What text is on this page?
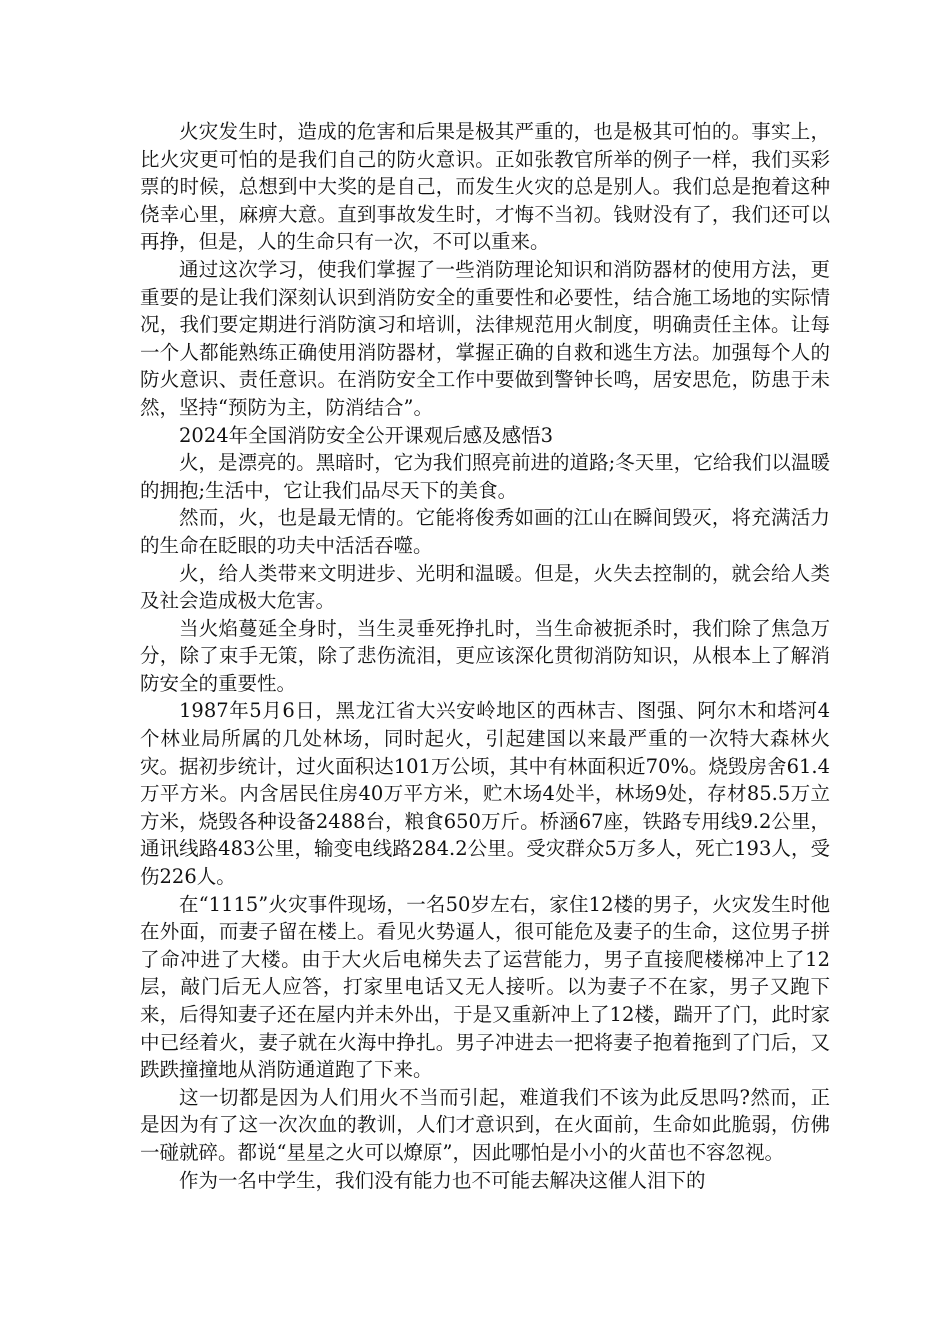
火灾发生时，造成的危害和后果是极其严重的，也是极其可怕的。事实上，比火灾更可怕的是我们自己的防火意识。正如张教官所举的例子一样，我们买彩票的时候，总想到中大奖的是自己，而发生火灾的总是别人。我们总是抱着这种侥幸心里，麻痹大意。直到事故发生时，才悔不当初。钱财没有了，我们还可以再挣，但是，人的生命只有一次，不可以重来。

通过这次学习，使我们掌握了一些消防理论知识和消防器材的使用方法，更重要的是让我们深刻认识到消防安全的重要性和必要性，结合施工场地的实际情况，我们要定期进行消防演习和培训，法律规范用火制度，明确责任主体。让每一个人都能熟练正确使用消防器材，掌握正确的自救和逃生方法。加强每个人的防火意识、责任意识。在消防安全工作中要做到警钟长鸣，居安思危，防患于未然，坚持“预防为主，防消结合”。

2024年全国消防安全公开课观后感及感悟3

火，是漂亮的。黑暗时，它为我们照亮前进的道路;冬天里，它给我们以温暖的拥抱;生活中，它让我们品尽天下的美食。

然而，火，也是最无情的。它能将俊秀如画的江山在瞬间毁灭，将充满活力的生命在眨眼的功夫中活活吞噬。

火，给人类带来文明进步、光明和温暖。但是，火失去控制的，就会给人类及社会造成极大危害。

当火焰蔓延全身时，当生灵垂死挣扎时，当生命被扼杀时，我们除了焦急万分，除了束手无策，除了悲伤流泪，更应该深化贯彻消防知识，从根本上了解消防安全的重要性。

1987年5月6日，黑龙江省大兴安岭地区的西林吉、图强、阿尔木和塔河4个林业局所属的几处林场，同时起火，引起建国以来最严重的一次特大森林火灾。据初步统计，过火面积达101万公顷，其中有林面积近70%。烧毁房舍61.4万平方米。内含居民住房40万平方米，贮木场4处半，林场9处，存材85.5万立方米，烧毁各种设备2488台，粮食650万斤。桥涵67座，铁路专用线9.2公里，通讯线路483公里，输变电线路284.2公里。受灾群众5万多人，死亡193人，受伤226人。

在“1115”火灾事件现场，一名50岁左右，家住12楼的男子，火灾发生时他在外面，而妻子留在楼上。看见火势逼人，很可能危及妻子的生命，这位男子拼了命冲进了大楼。由于大火后电梯失去了运营能力，男子直接爬楼梯冲上了12层，敲门后无人应答，打家里电话又无人接听。以为妻子不在家，男子又跑下来，后得知妻子还在屋内并未外出，于是又重新冲上了12楼，踹开了门，此时家中已经着火，妻子就在火海中挣扎。男子冲进去一把将妻子抱着拖到了门后，又跌跌撞撞地从消防通道跑了下来。

这一切都是因为人们用火不当而引起，难道我们不该为此反思吗?然而，正是因为有了这一次次血的教训，人们才意识到，在火面前，生命如此脆弱，仿佛一碰就碎。都说“星星之火可以燎原”，因此哪怕是小小的火苗也不容忽视。

作为一名中学生，我们没有能力也不可能去解决这催人泪下的
